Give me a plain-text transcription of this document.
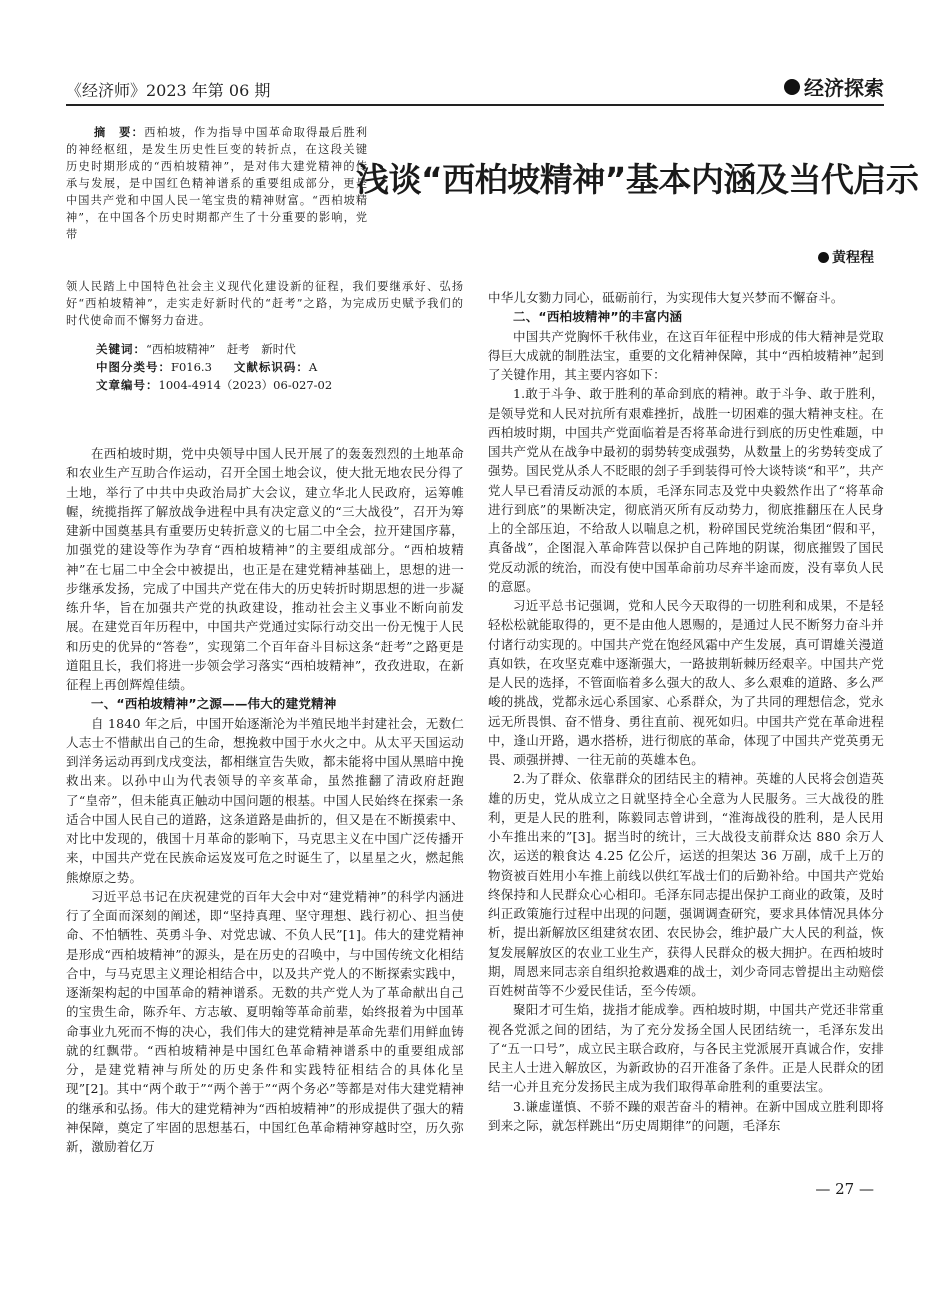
《经济师》2023 年第 06 期	经济探索
摘　要：西柏坡，作为指导中国革命取得最后胜利的神经枢纽，是发生历史性巨变的转折点，在这段关键历史时期形成的“西柏坡精神”，是对伟大建党精神的传承与发展，是中国红色精神谱系的重要组成部分，更是中国共产党和中国人民一笔宝贵的精神财富。“西柏坡精神”，在中国各个历史时期都产生了十分重要的影响，党带
浅谈“西柏坡精神”基本内涵及当代启示
黄程程
领人民踏上中国特色社会主义现代化建设新的征程，我们要继承好、弘扬好“西柏坡精神”，走实走好新时代的“赶考”之路，为完成历史赋予我们的时代使命而不懈努力奋进。
关键词：“西柏坡精神”　赶考　新时代
中图分类号：F016.3 文献标识码：A
文章编号：1004-4914（2023）06-027-02

在西柏坡时期，党中央领导中国人民开展了的轰轰烈烈的土地革命和农业生产互助合作运动，召开全国土地会议，使大批无地农民分得了土地，举行了中共中央政治局扩大会议，建立华北人民政府，运筹帷幄，统揽指挥了解放战争进程中具有决定意义的“三大战役”，召开为筹建新中国奠基具有重要历史转折意义的七届二中全会，拉开建国序幕，加强党的建设等作为孕育“西柏坡精神”的主要组成部分。“西柏坡精神”在七届二中全会中被提出，也正是在建党精神基础上，思想的进一步继承发扬，完成了中国共产党在伟大的历史转折时期思想的进一步凝练升华，旨在加强共产党的执政建设，推动社会主义事业不断向前发展。在建党百年历程中，中国共产党通过实际行动交出一份无愧于人民和历史的优异的“答卷”，实现第二个百年奋斗目标这条“赶考”之路更是道阻且长，我们将进一步领会学习落实“西柏坡精神”，孜孜进取，在新征程上再创辉煌佳绩。

一、“西柏坡精神”之源——伟大的建党精神

自 1840 年之后，中国开始逐渐沦为半殖民地半封建社会，无数仁人志士不惜献出自己的生命，想挽救中国于水火之中。从太平天国运动到洋务运动再到戊戌变法，都相继宣告失败，都未能将中国从黑暗中挽救出来。以孙中山为代表领导的辛亥革命，虽然推翻了清政府赶跑了“皇帝”，但未能真正触动中国问题的根基。中国人民始终在探索一条适合中国人民自己的道路，这条道路是曲折的，但又是在不断摸索中、对比中发现的，俄国十月革命的影响下，马克思主义在中国广泛传播开来，中国共产党在民族命运岌岌可危之时诞生了，以星星之火，燃起熊熊燎原之势。

习近平总书记在庆祝建党的百年大会中对“建党精神”的科学内涵进行了全面而深刻的阐述，即“坚持真理、坚守理想、践行初心、担当使命、不怕牺牲、英勇斗争、对党忠诚、不负人民”[1]。伟大的建党精神是形成“西柏坡精神”的源头，是在历史的召唤中，与中国传统文化相结合中，与马克思主义理论相结合中，以及共产党人的不断探索实践中，逐渐架构起的中国革命的精神谱系。无数的共产党人为了革命献出自己的宝贵生命，陈乔年、方志敏、夏明翰等革命前辈，始终报着为中国革命事业九死而不悔的决心，我们伟大的建党精神是革命先辈们用鲜血铸就的红飘带。“西柏坡精神是中国红色革命精神谱系中的重要组成部分，是建党精神与所处的历史条件和实践特征相结合的具体化呈现”[2]。其中“两个敢于”“两个善于”“两个务必”等都是对伟大建党精神的继承和弘扬。伟大的建党精神为“西柏坡精神”的形成提供了强大的精神保障，奠定了牢固的思想基石，中国红色革命精神穿越时空，历久弥新，激励着亿万

中华儿女勠力同心，砥砺前行，为实现伟大复兴梦而不懈奋斗。

二、“西柏坡精神”的丰富内涵

中国共产党胸怀千秋伟业，在这百年征程中形成的伟大精神是党取得巨大成就的制胜法宝，重要的文化精神保障，其中“西柏坡精神”起到了关键作用，其主要内容如下：

1.敢于斗争、敢于胜利的革命到底的精神。敢于斗争、敢于胜利，是领导党和人民对抗所有艰难挫折，战胜一切困难的强大精神支柱。在西柏坡时期，中国共产党面临着是否将革命进行到底的历史性难题，中国共产党从在战争中最初的弱势转变成强势，从数量上的劣势转变成了强势。国民党从杀人不眨眼的刽子手到装得可怜大谈特谈“和平”，共产党人早已看清反动派的本质，毛泽东同志及党中央毅然作出了“将革命进行到底”的果断决定，彻底消灭所有反动势力，彻底推翻压在人民身上的全部压迫，不给敌人以喘息之机，粉碎国民党统治集团“假和平，真备战”，企图混入革命阵营以保护自己阵地的阴谋，彻底摧毁了国民党反动派的统治，而没有使中国革命前功尽弃半途而废，没有辜负人民的意愿。

习近平总书记强调，党和人民今天取得的一切胜利和成果，不是轻轻松松就能取得的，更不是由他人恩赐的，是通过人民不断努力奋斗并付诸行动实现的。中国共产党在饱经风霜中产生发展，真可谓雄关漫道真如铁，在攻坚克难中逐渐强大，一路披荆斩棘历经艰辛。中国共产党是人民的选择，不管面临着多么强大的敌人、多么艰难的道路、多么严峻的挑战，党都永远心系国家、心系群众，为了共同的理想信念，党永远无所畏惧、奋不惜身、勇往直前、视死如归。中国共产党在革命进程中，逢山开路，遇水搭桥，进行彻底的革命，体现了中国共产党英勇无畏、顽强拼搏、一往无前的英雄本色。

2.为了群众、依靠群众的团结民主的精神。英雄的人民将会创造英雄的历史，党从成立之日就坚持全心全意为人民服务。三大战役的胜利，更是人民的胜利，陈毅同志曾讲到，“淮海战役的胜利，是人民用小车推出来的”[3]。据当时的统计，三大战役支前群众达 880 余万人次，运送的粮食达 4.25 亿公斤，运送的担架达 36 万副，成千上万的物资被百姓用小车推上前线以供红军战士们的后勤补给。中国共产党始终保持和人民群众心心相印。毛泽东同志提出保护工商业的政策，及时纠正政策施行过程中出现的问题，强调调查研究，要求具体情况具体分析，提出新解放区组建贫农团、农民协会，维护最广大人民的利益，恢复发展解放区的农业工业生产，获得人民群众的极大拥护。在西柏坡时期，周恩来同志亲自组织抢救遇难的战士，刘少奇同志曾提出主动赔偿百姓树苗等不少爱民佳话，至今传颂。

聚阳才可生焰，拢指才能成拳。西柏坡时期，中国共产党还非常重视各党派之间的团结，为了充分发扬全国人民团结统一，毛泽东发出了“五一口号”，成立民主联合政府，与各民主党派展开真诚合作，安排民主人士进入解放区，为新政协的召开准备了条件。正是人民群众的团结一心并且充分发扬民主成为我们取得革命胜利的重要法宝。

3.谦虚谨慎、不骄不躁的艰苦奋斗的精神。在新中国成立胜利即将到来之际，就怎样跳出“历史周期律”的问题，毛泽东

— 27 —
